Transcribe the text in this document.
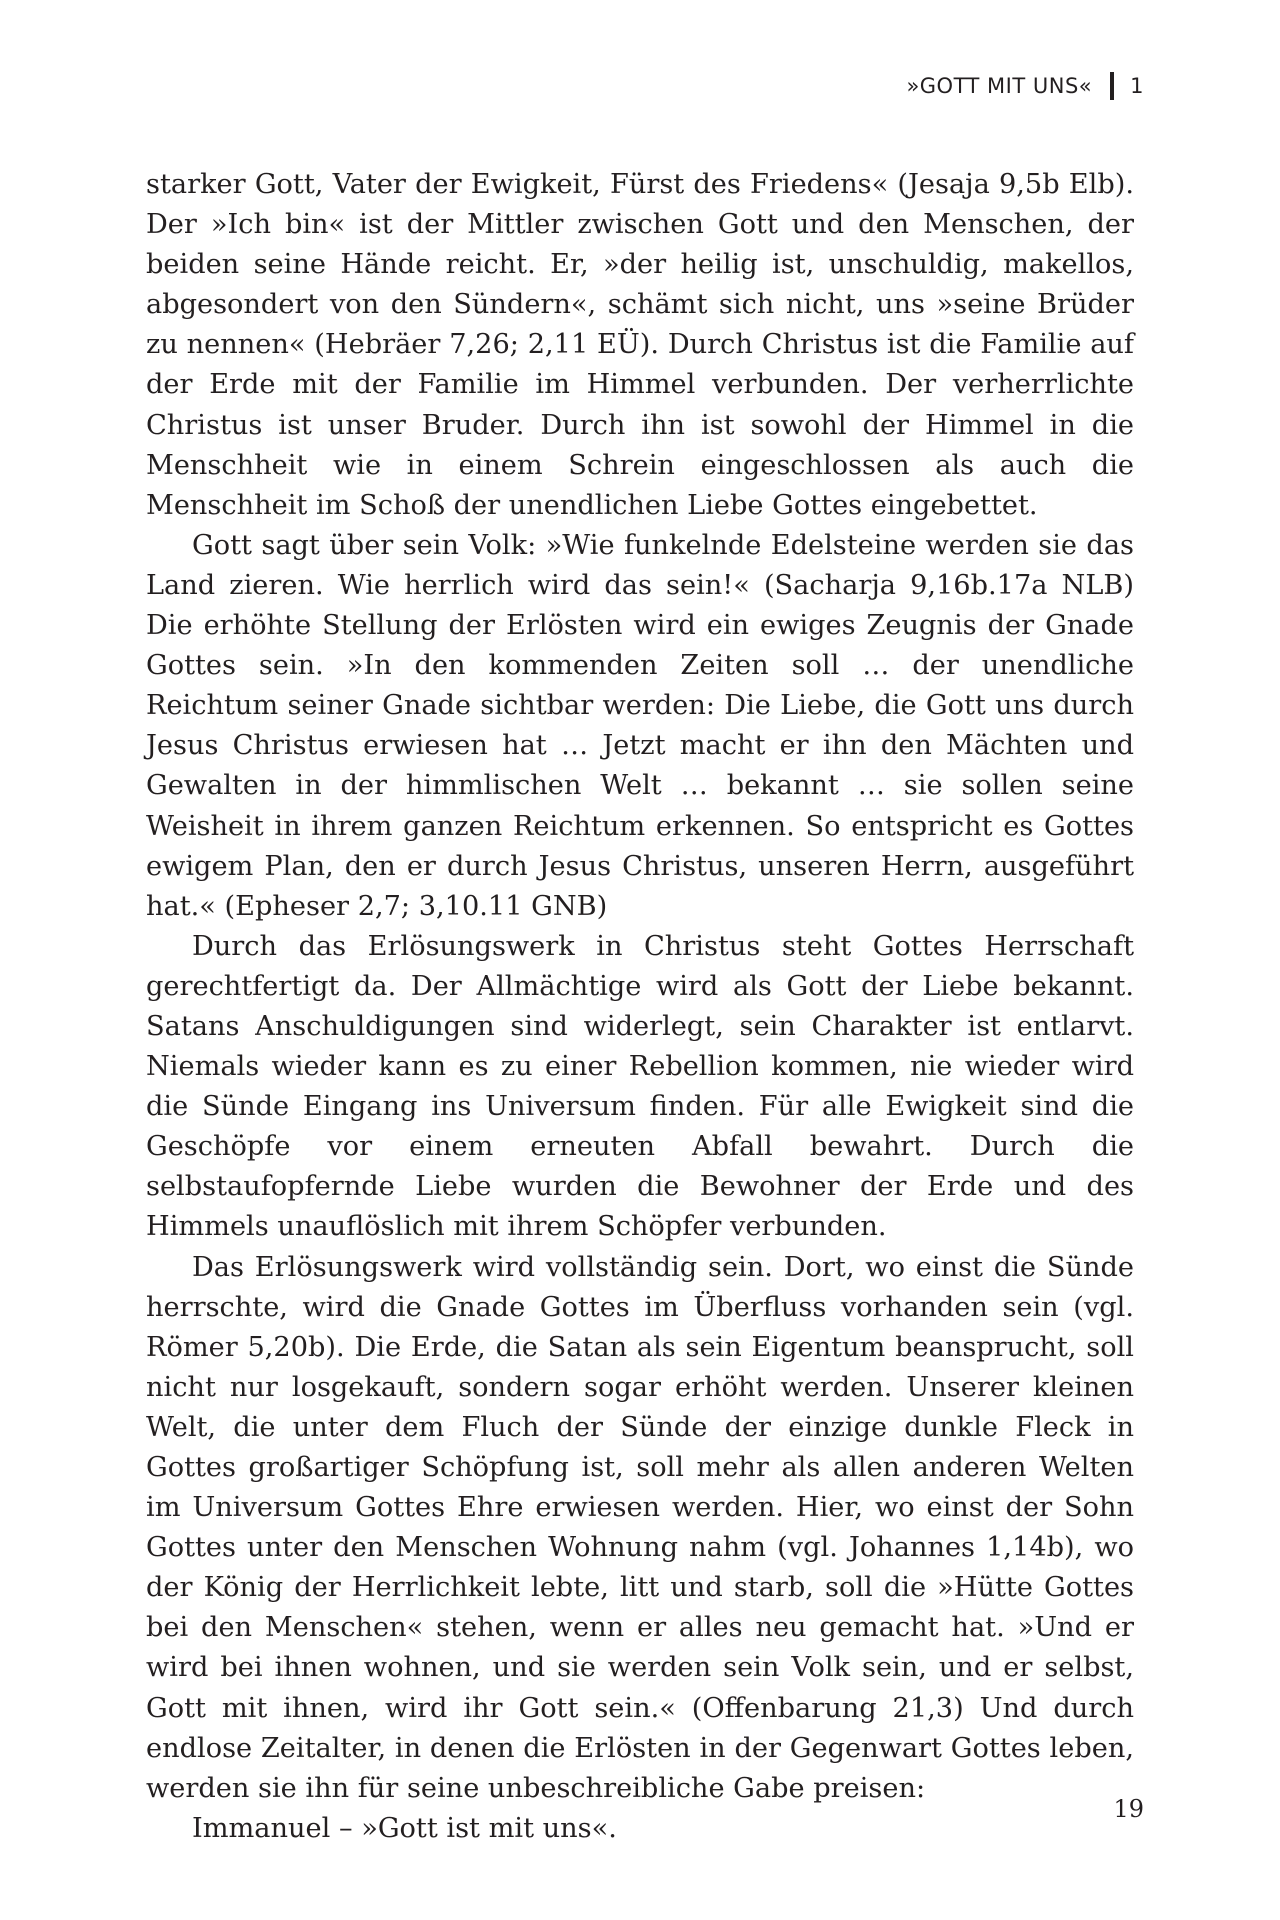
»GOTT MIT UNS« 1

starker Gott, Vater der Ewigkeit, Fürst des Friedens« (Jesaja 9,5b Elb). Der »Ich bin« ist der Mittler zwischen Gott und den Menschen, der beiden seine Hände reicht. Er, »der heilig ist, unschuldig, makellos, abgesondert von den Sündern«, schämt sich nicht, uns »seine Brüder zu nennen« (Hebräer 7,26; 2,11 EÜ). Durch Christus ist die Familie auf der Erde mit der Familie im Himmel verbunden. Der verherrlichte Christus ist unser Bruder. Durch ihn ist sowohl der Himmel in die Menschheit wie in einem Schrein eingeschlossen als auch die Menschheit im Schoß der unendlichen Liebe Gottes eingebettet.

Gott sagt über sein Volk: »Wie funkelnde Edelsteine werden sie das Land zieren. Wie herrlich wird das sein!« (Sacharja 9,16b.17a NLB) Die erhöhte Stellung der Erlösten wird ein ewiges Zeugnis der Gnade Gottes sein. »In den kommenden Zeiten soll … der unendliche Reichtum seiner Gnade sichtbar werden: Die Liebe, die Gott uns durch Jesus Christus erwiesen hat … Jetzt macht er ihn den Mächten und Gewalten in der himmlischen Welt … bekannt … sie sollen seine Weisheit in ihrem ganzen Reichtum erkennen. So entspricht es Gottes ewigem Plan, den er durch Jesus Christus, unseren Herrn, ausgeführt hat.« (Epheser 2,7; 3,10.11 GNB)

Durch das Erlösungswerk in Christus steht Gottes Herrschaft gerechtfertigt da. Der Allmächtige wird als Gott der Liebe bekannt. Satans Anschuldigungen sind widerlegt, sein Charakter ist entlarvt. Niemals wieder kann es zu einer Rebellion kommen, nie wieder wird die Sünde Eingang ins Universum finden. Für alle Ewigkeit sind die Geschöpfe vor einem erneuten Abfall bewahrt. Durch die selbstaufopfernde Liebe wurden die Bewohner der Erde und des Himmels unauflöslich mit ihrem Schöpfer verbunden.

Das Erlösungswerk wird vollständig sein. Dort, wo einst die Sünde herrschte, wird die Gnade Gottes im Überfluss vorhanden sein (vgl. Römer 5,20b). Die Erde, die Satan als sein Eigentum beansprucht, soll nicht nur losgekauft, sondern sogar erhöht werden. Unserer kleinen Welt, die unter dem Fluch der Sünde der einzige dunkle Fleck in Gottes großartiger Schöpfung ist, soll mehr als allen anderen Welten im Universum Gottes Ehre erwiesen werden. Hier, wo einst der Sohn Gottes unter den Menschen Wohnung nahm (vgl. Johannes 1,14b), wo der König der Herrlichkeit lebte, litt und starb, soll die »Hütte Gottes bei den Menschen« stehen, wenn er alles neu gemacht hat. »Und er wird bei ihnen wohnen, und sie werden sein Volk sein, und er selbst, Gott mit ihnen, wird ihr Gott sein.« (Offenbarung 21,3) Und durch endlose Zeitalter, in denen die Erlösten in der Gegenwart Gottes leben, werden sie ihn für seine unbeschreibliche Gabe preisen:

Immanuel – »Gott ist mit uns«.

19
